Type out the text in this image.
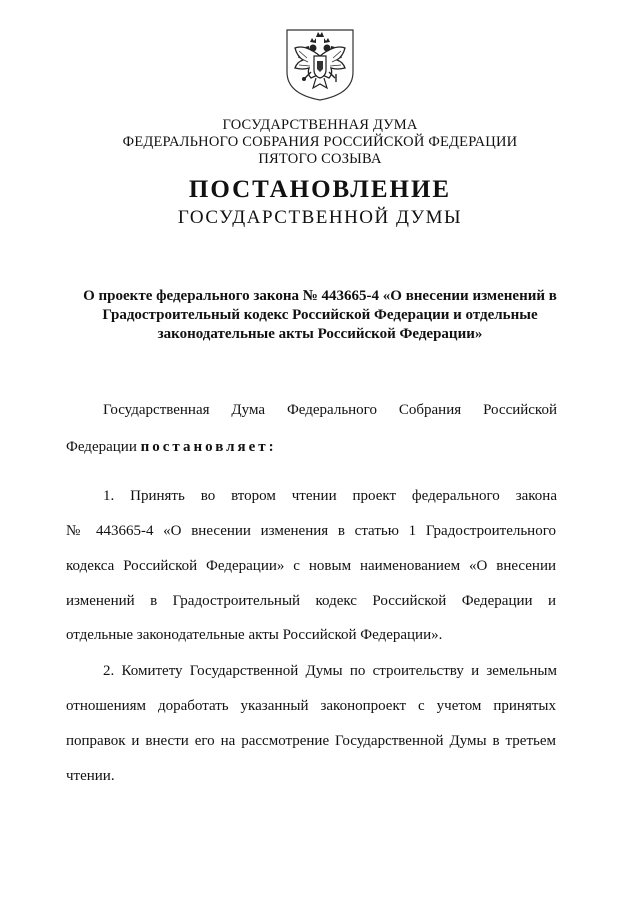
ГОСУДАРСТВЕННАЯ ДУМА
ФЕДЕРАЛЬНОГО СОБРАНИЯ РОССИЙСКОЙ ФЕДЕРАЦИИ
ПЯТОГО СОЗЫВА
ПОСТАНОВЛЕНИЕ
ГОСУДАРСТВЕННОЙ ДУМЫ
О проекте федерального закона № 443665-4 «О внесении изменений в
Градостроительный кодекс Российской Федерации и отдельные
законодательные акты Российской Федерации»
Государственная Дума Федерального Собрания Российской
Федерации постановляет:
1. Принять во втором чтении проект федерального закона
№ 443665-4 «О внесении изменения в статью 1 Градостроительного
кодекса Российской Федерации» с новым наименованием «О внесении
изменений в Градостроительный кодекс Российской Федерации и
отдельные законодательные акты Российской Федерации».
2. Комитету Государственной Думы по строительству и земельным
отношениям доработать указанный законопроект с учетом принятых
поправок и внести его на рассмотрение Государственной Думы в третьем
чтении.
